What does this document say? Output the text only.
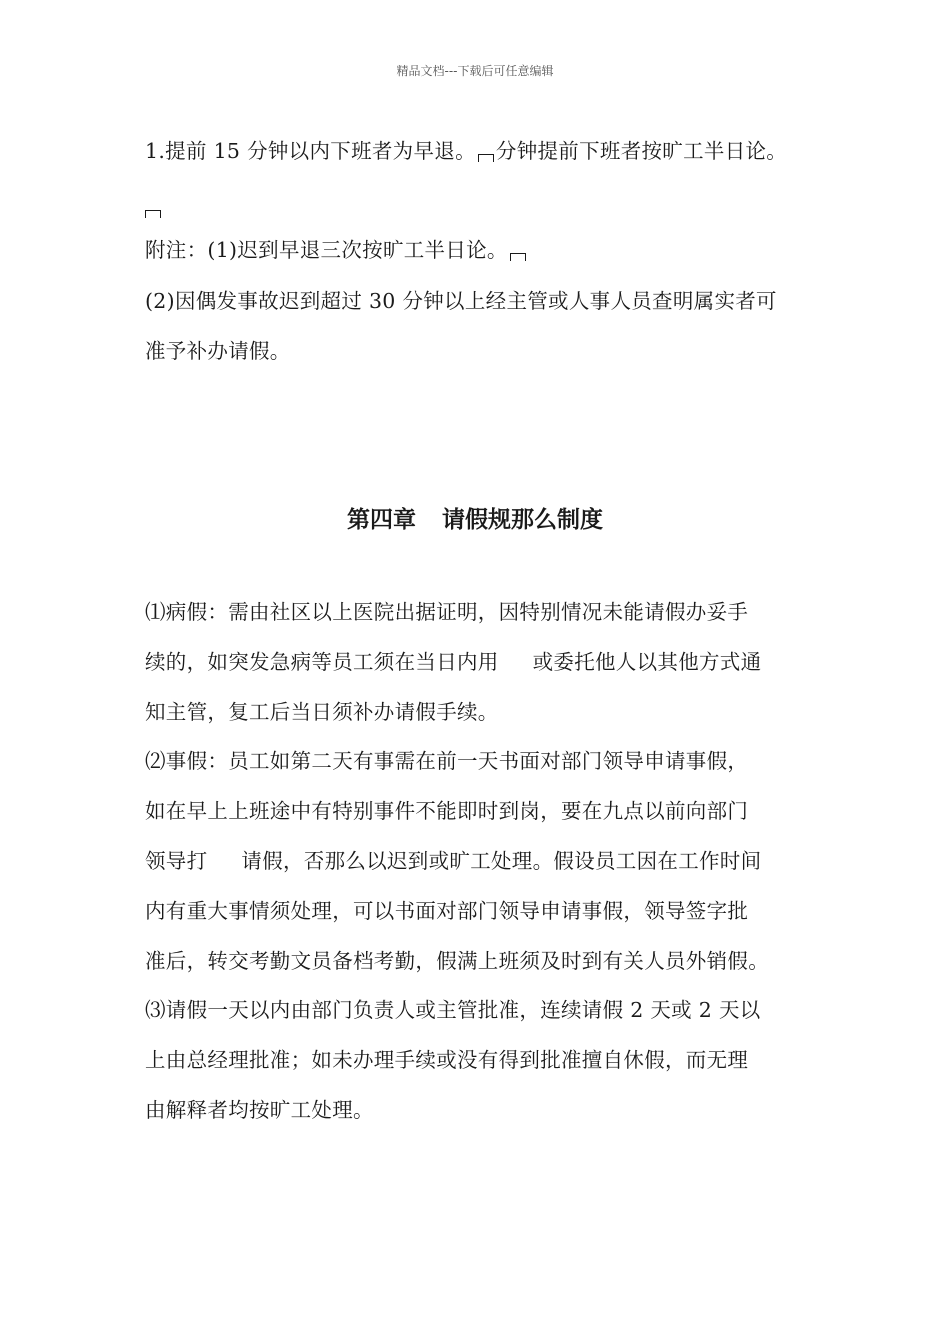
精品文档---下载后可任意编辑
1.提前 15 分钟以内下班者为早退。 分钟提前下班者按旷工半日论。
附注：(1)迟到早退三次按旷工半日论。
(2)因偶发事故迟到超过 30 分钟以上经主管或人事人员查明属实者可
准予补办请假。
第四章 请假规那么制度
⑴病假：需由社区以上医院出据证明，因特别情况未能请假办妥手
续的，如突发急病等员工须在当日内用 或委托他人以其他方式通
知主管，复工后当日须补办请假手续。
⑵事假：员工如第二天有事需在前一天书面对部门领导申请事假，
如在早上上班途中有特别事件不能即时到岗，要在九点以前向部门
领导打 请假，否那么以迟到或旷工处理。假设员工因在工作时间
内有重大事情须处理，可以书面对部门领导申请事假，领导签字批
准后，转交考勤文员备档考勤，假满上班须及时到有关人员外销假。
⑶请假一天以内由部门负责人或主管批准，连续请假 2 天或 2 天以
上由总经理批准；如未办理手续或没有得到批准擅自休假，而无理
由解释者均按旷工处理。
